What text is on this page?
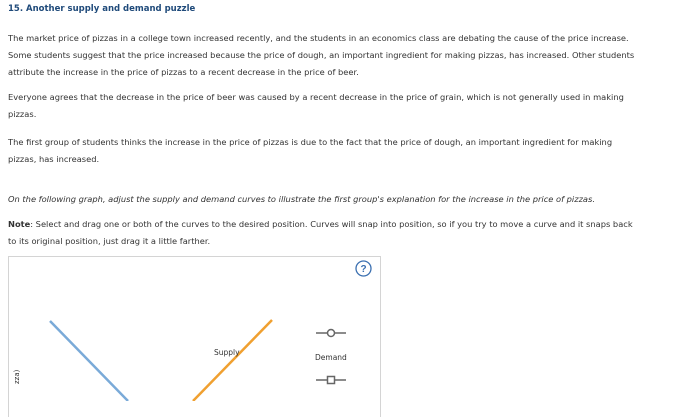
15. Another supply and demand puzzle

The market price of pizzas in a college town increased recently, and the students in an economics class are debating the cause of the price increase.
Some students suggest that the price increased because the price of dough, an important ingredient for making pizzas, has increased. Other students
attribute the increase in the price of pizzas to a recent decrease in the price of beer.

Everyone agrees that the decrease in the price of beer was caused by a recent decrease in the price of grain, which is not generally used in making
pizzas.

The first group of students thinks the increase in the price of pizzas is due to the fact that the price of dough, an important ingredient for making
pizzas, has increased.

On the following graph, adjust the supply and demand curves to illustrate the first group's explanation for the increase in the price of pizzas.

Note: Select and drag one or both of the curves to the desired position. Curves will snap into position, so if you try to move a curve and it snaps back
to its original position, just drag it a little farther.

Supply
Demand
zza)
?
